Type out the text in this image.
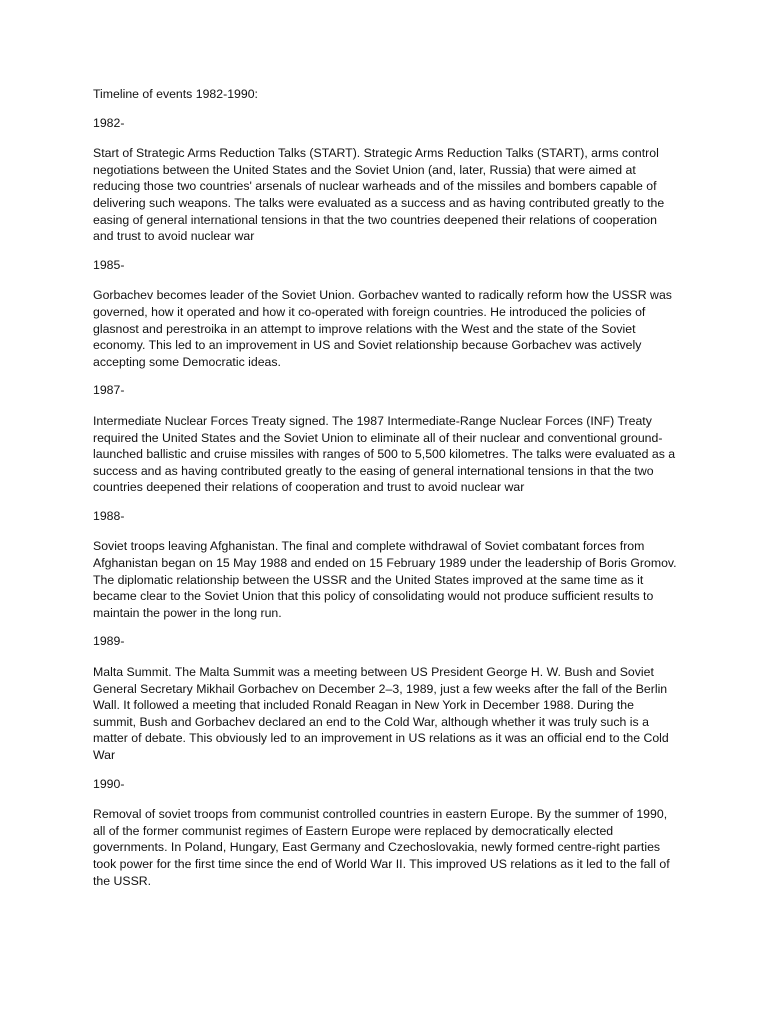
Timeline of events 1982-1990:

1982-

Start of Strategic Arms Reduction Talks (START). Strategic Arms Reduction Talks (START), arms control negotiations between the United States and the Soviet Union (and, later, Russia) that were aimed at reducing those two countries' arsenals of nuclear warheads and of the missiles and bombers capable of delivering such weapons. The talks were evaluated as a success and as having contributed greatly to the easing of general international tensions in that the two countries deepened their relations of cooperation and trust to avoid nuclear war

1985-

Gorbachev becomes leader of the Soviet Union. Gorbachev wanted to radically reform how the USSR was governed, how it operated and how it co-operated with foreign countries. He introduced the policies of glasnost and perestroika in an attempt to improve relations with the West and the state of the Soviet economy. This led to an improvement in US and Soviet relationship because Gorbachev was actively accepting some Democratic ideas.

1987-

Intermediate Nuclear Forces Treaty signed. The 1987 Intermediate-Range Nuclear Forces (INF) Treaty required the United States and the Soviet Union to eliminate all of their nuclear and conventional ground-launched ballistic and cruise missiles with ranges of 500 to 5,500 kilometres. The talks were evaluated as a success and as having contributed greatly to the easing of general international tensions in that the two countries deepened their relations of cooperation and trust to avoid nuclear war

1988-

Soviet troops leaving Afghanistan. The final and complete withdrawal of Soviet combatant forces from Afghanistan began on 15 May 1988 and ended on 15 February 1989 under the leadership of Boris Gromov. The diplomatic relationship between the USSR and the United States improved at the same time as it became clear to the Soviet Union that this policy of consolidating would not produce sufficient results to maintain the power in the long run.

1989-

Malta Summit. The Malta Summit was a meeting between US President George H. W. Bush and Soviet General Secretary Mikhail Gorbachev on December 2–3, 1989, just a few weeks after the fall of the Berlin Wall. It followed a meeting that included Ronald Reagan in New York in December 1988. During the summit, Bush and Gorbachev declared an end to the Cold War, although whether it was truly such is a matter of debate. This obviously led to an improvement in US relations as it was an official end to the Cold War

1990-

Removal of soviet troops from communist controlled countries in eastern Europe. By the summer of 1990, all of the former communist regimes of Eastern Europe were replaced by democratically elected governments. In Poland, Hungary, East Germany and Czechoslovakia, newly formed centre-right parties took power for the first time since the end of World War II. This improved US relations as it led to the fall of the USSR.
